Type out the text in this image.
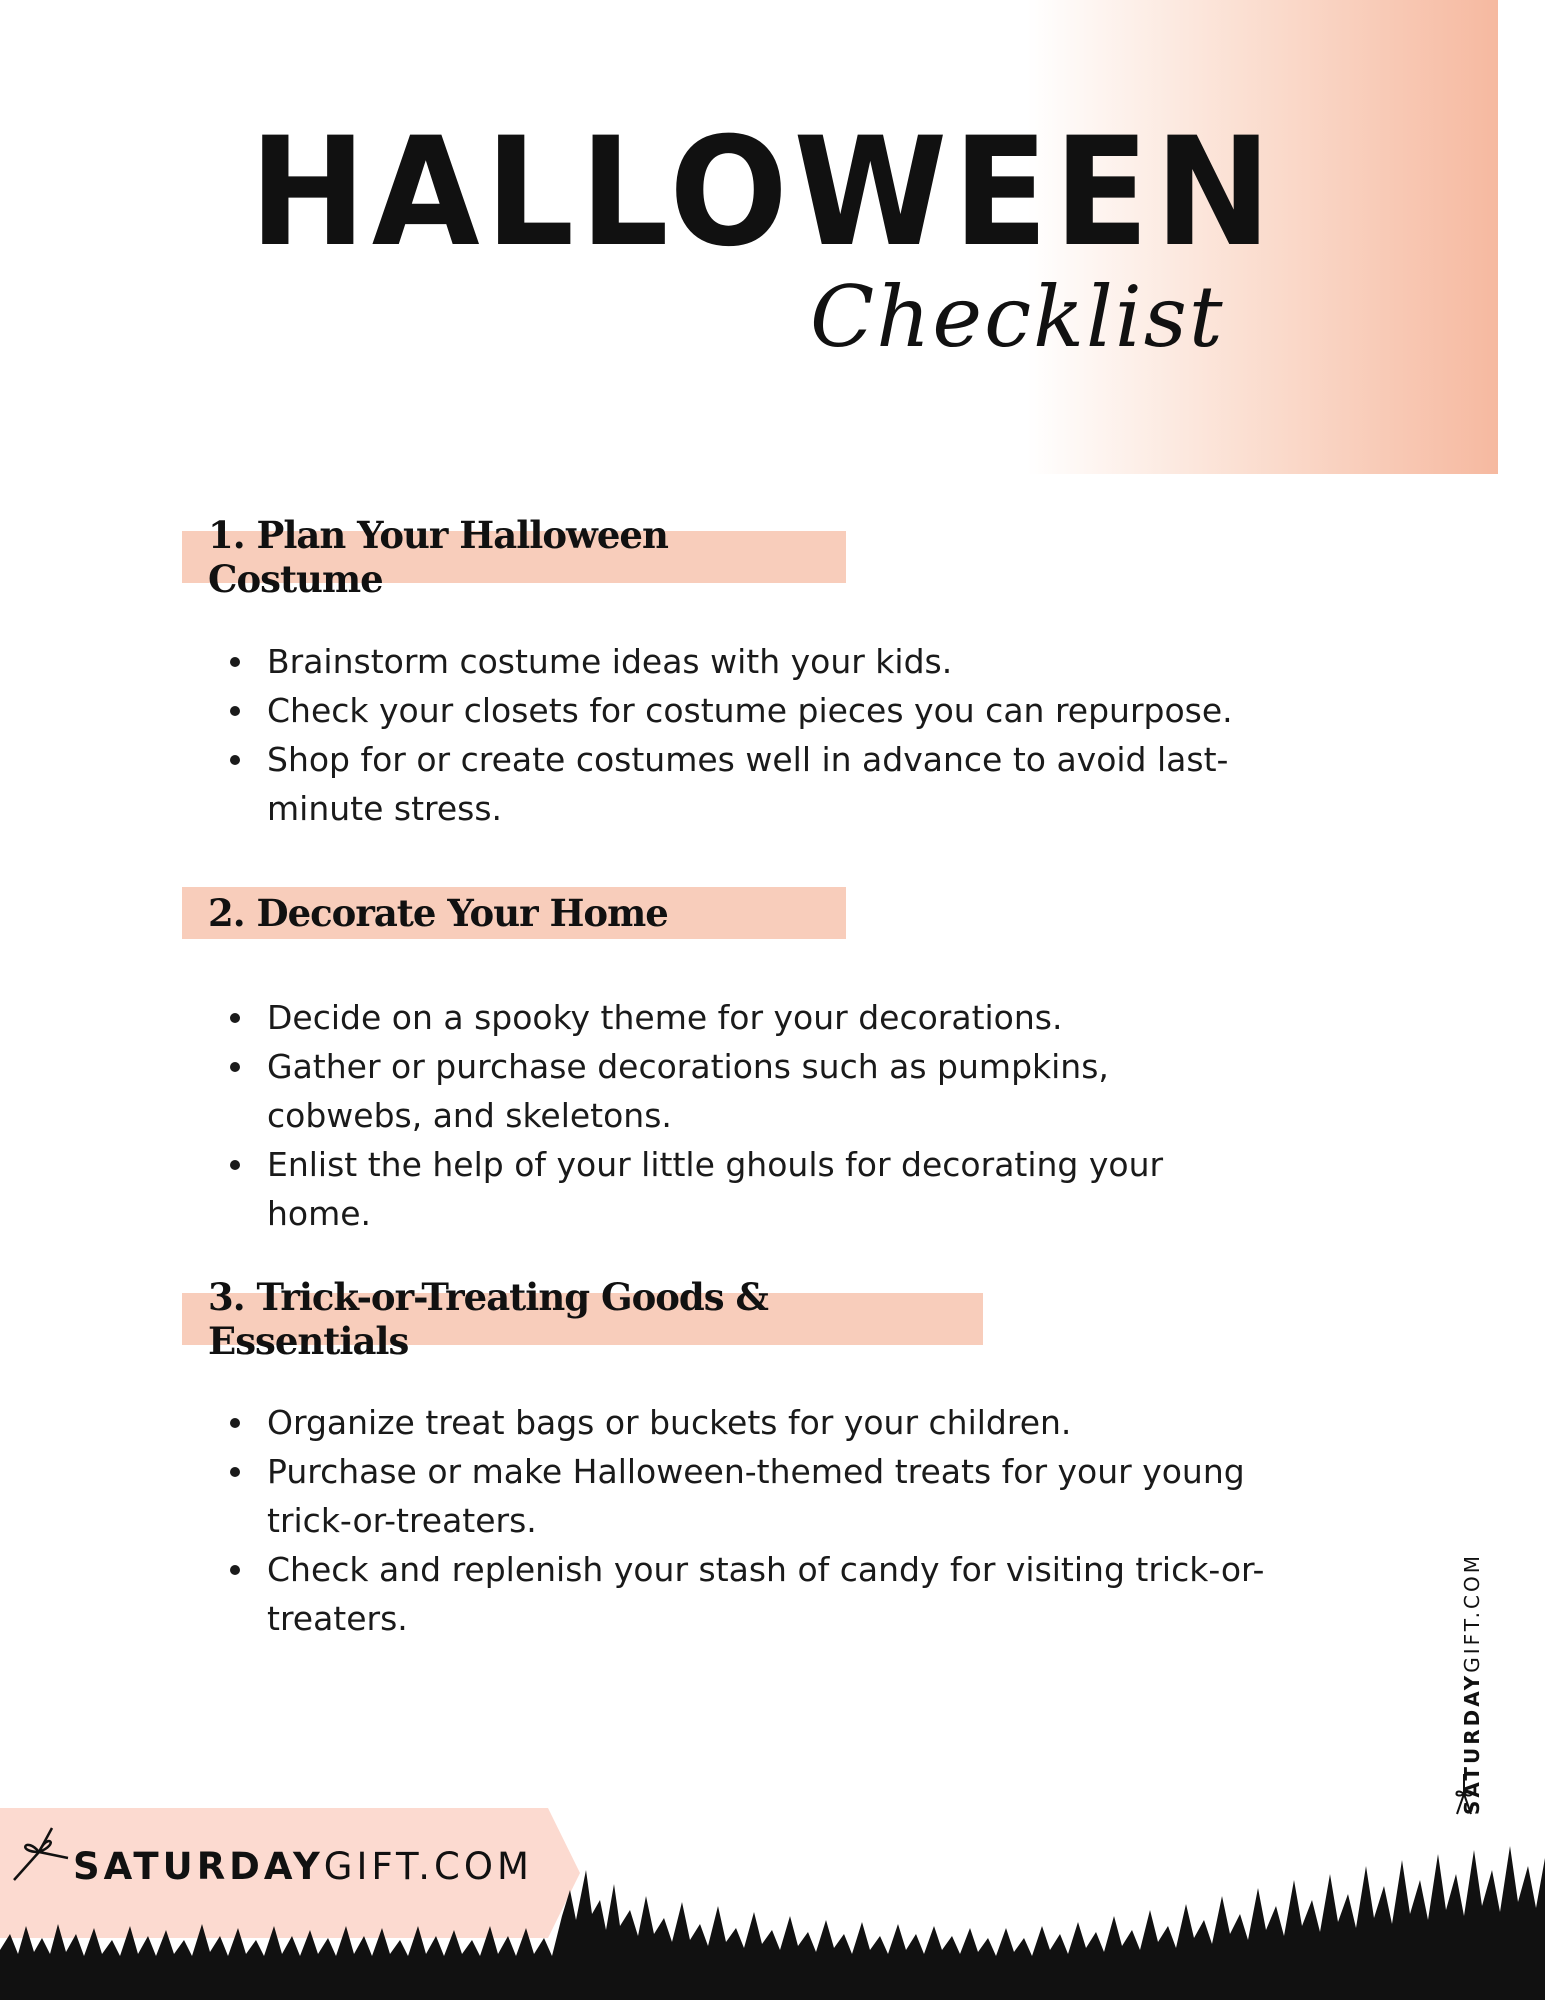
HALLOWEEN
Checklist
1. Plan Your Halloween Costume
Brainstorm costume ideas with your kids.
Check your closets for costume pieces you can repurpose.
Shop for or create costumes well in advance to avoid last-
minute stress.
2. Decorate Your Home
Decide on a spooky theme for your decorations.
Gather or purchase decorations such as pumpkins,
cobwebs, and skeletons.
Enlist the help of your little ghouls for decorating your
home.
3. Trick-or-Treating Goods & Essentials
Organize treat bags or buckets for your children.
Purchase or make Halloween-themed treats for your young
trick-or-treaters.
Check and replenish your stash of candy for visiting trick-or-
treaters.
SATURDAYGIFT.COM
SATURDAYGIFT.COM
